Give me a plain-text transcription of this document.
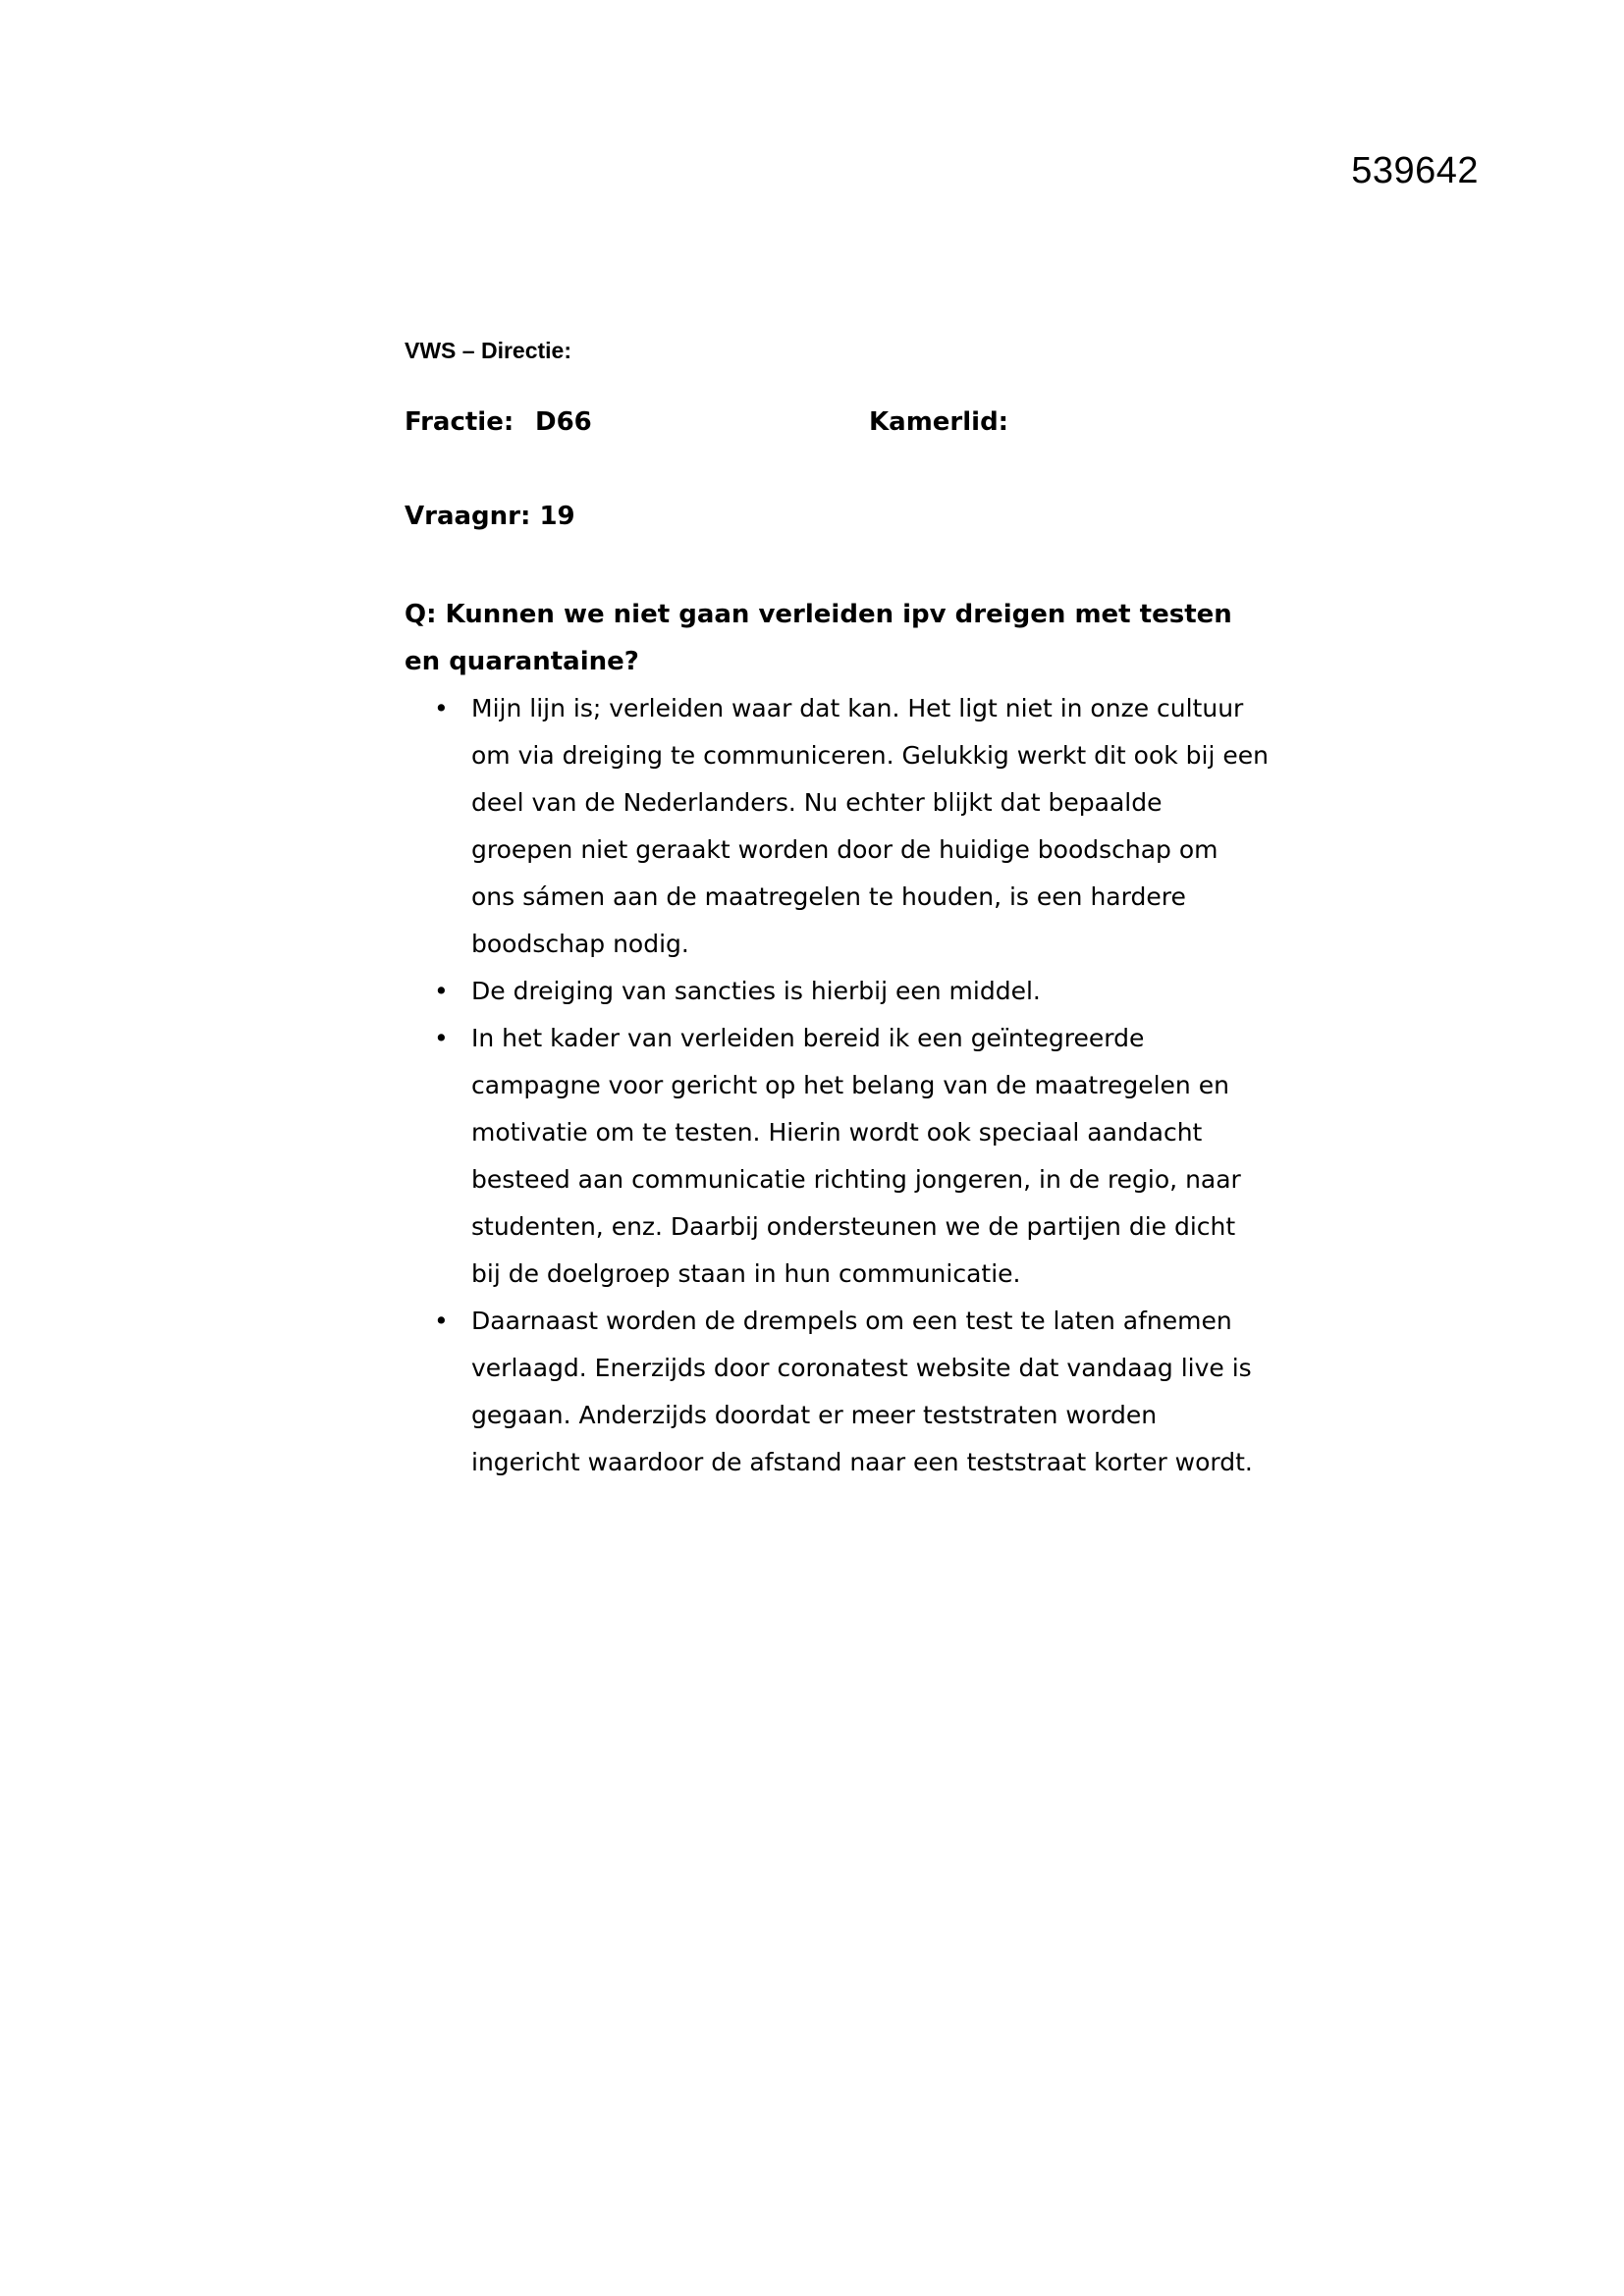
539642

VWS – Directie:

Fractie: D66	Kamerlid:
Vraagnr: 19
Q: Kunnen we niet gaan verleiden ipv dreigen met testen en quarantaine?
• Mijn lijn is; verleiden waar dat kan. Het ligt niet in onze cultuur om via dreiging te communiceren. Gelukkig werkt dit ook bij een deel van de Nederlanders. Nu echter blijkt dat bepaalde groepen niet geraakt worden door de huidige boodschap om ons sámen aan de maatregelen te houden, is een hardere boodschap nodig.
• De dreiging van sancties is hierbij een middel.
• In het kader van verleiden bereid ik een geïntegreerde campagne voor gericht op het belang van de maatregelen en motivatie om te testen. Hierin wordt ook speciaal aandacht besteed aan communicatie richting jongeren, in de regio, naar studenten, enz. Daarbij ondersteunen we de partijen die dicht bij de doelgroep staan in hun communicatie.
• Daarnaast worden de drempels om een test te laten afnemen verlaagd. Enerzijds door coronatest website dat vandaag live is gegaan. Anderzijds doordat er meer teststraten worden ingericht waardoor de afstand naar een teststraat korter wordt.
